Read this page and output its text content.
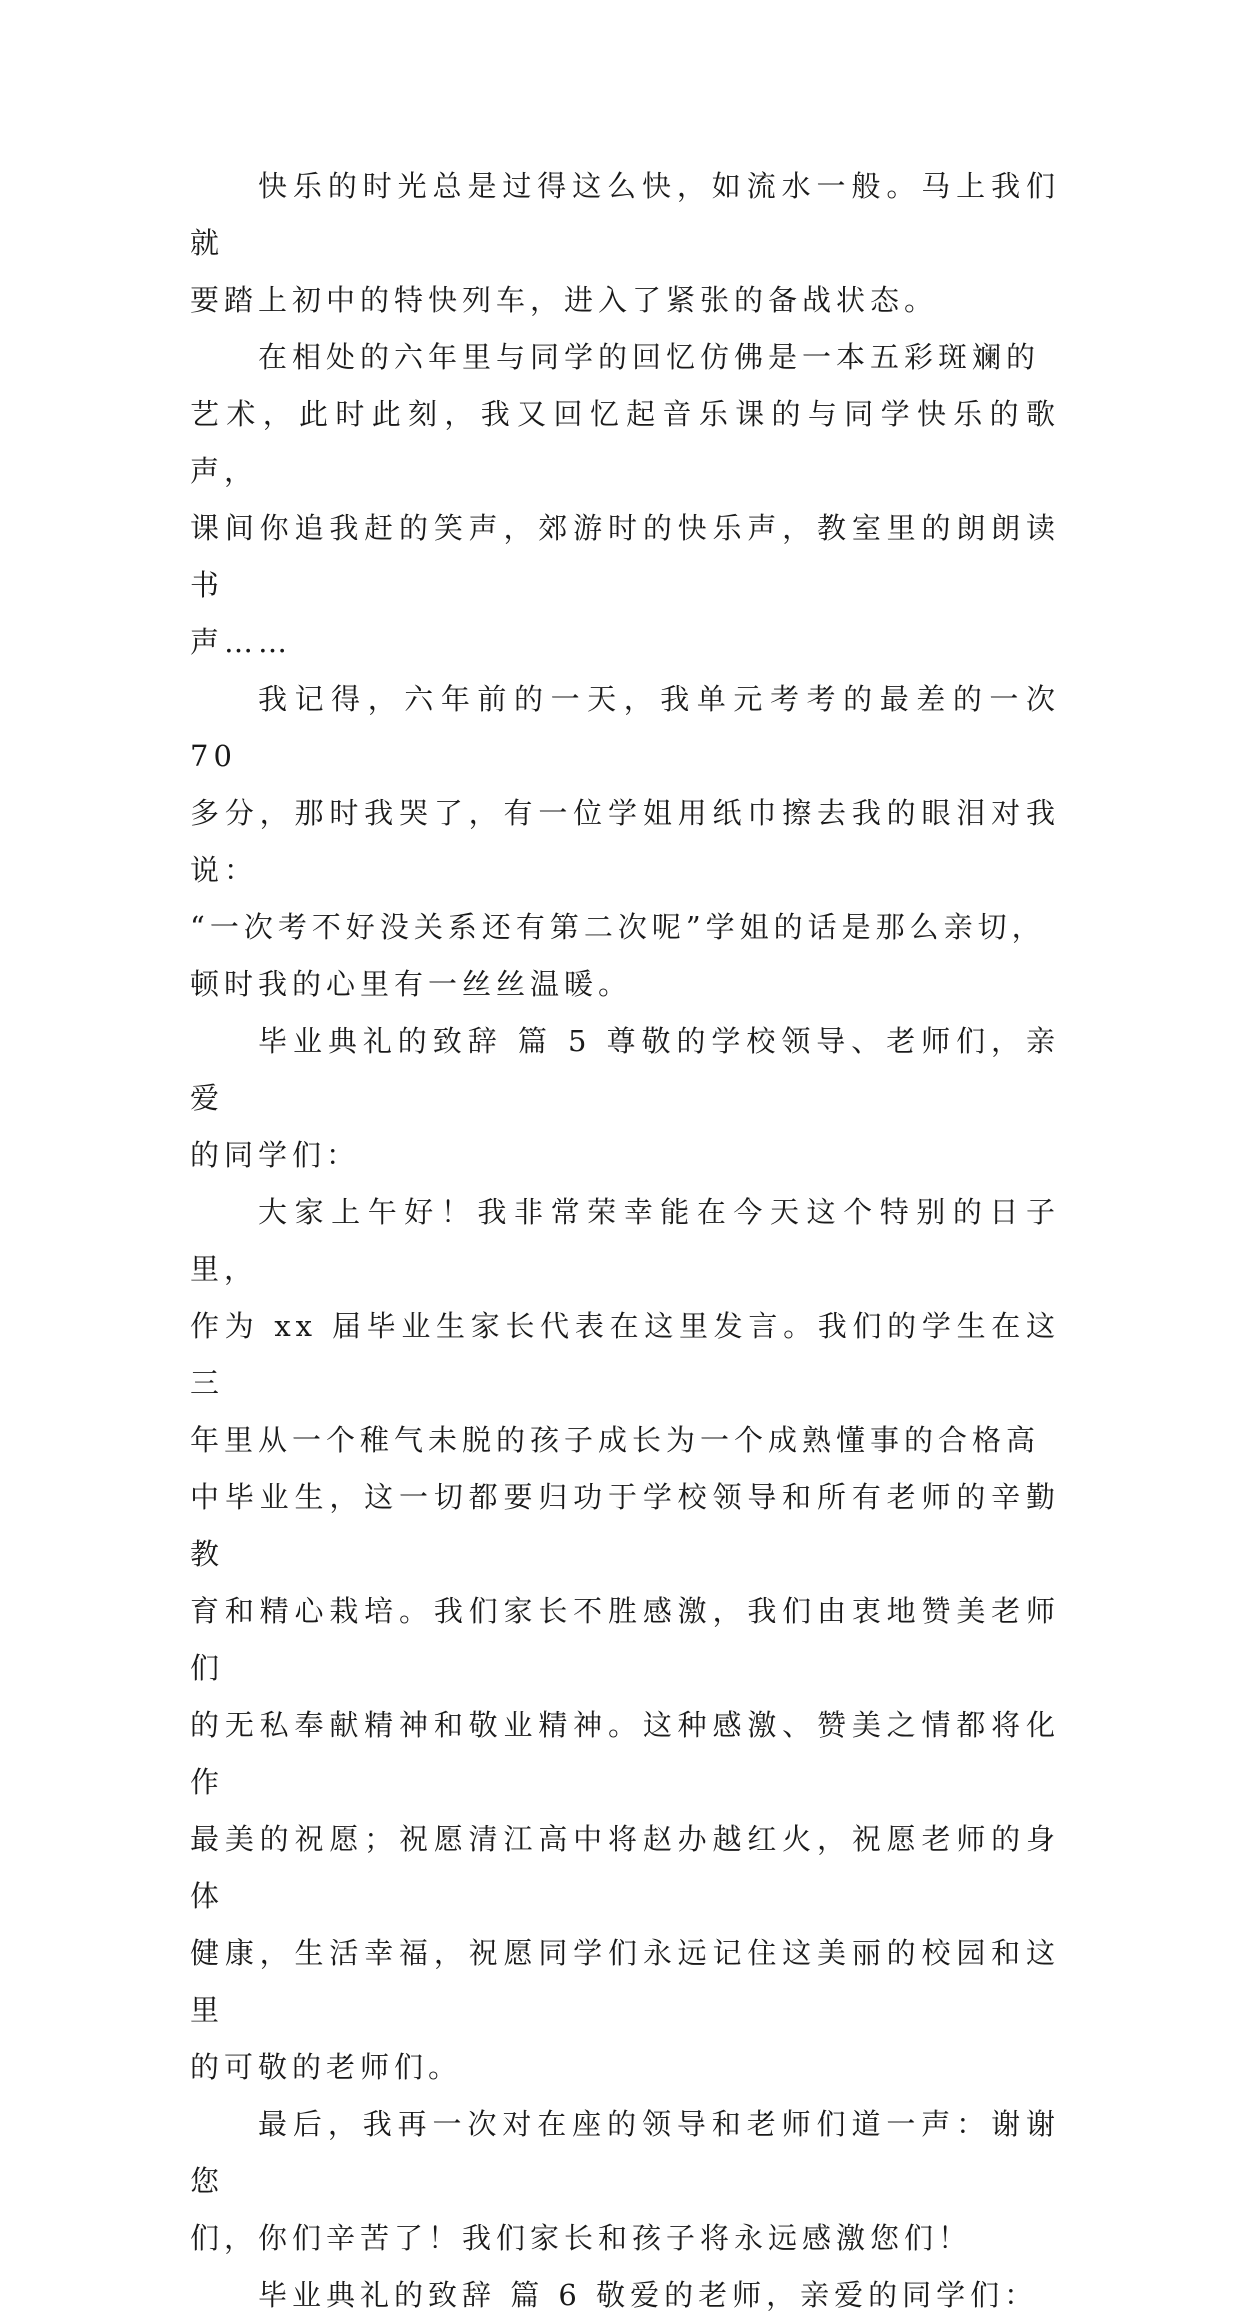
快乐的时光总是过得这么快，如流水一般。马上我们就
要踏上初中的特快列车，进入了紧张的备战状态。

在相处的六年里与同学的回忆仿佛是一本五彩斑斓的
艺术，此时此刻，我又回忆起音乐课的与同学快乐的歌声，
课间你追我赶的笑声，郊游时的快乐声，教室里的朗朗读书
声……

我记得，六年前的一天，我单元考考的最差的一次 70
多分，那时我哭了，有一位学姐用纸巾擦去我的眼泪对我说：
“一次考不好没关系还有第二次呢”学姐的话是那么亲切，
顿时我的心里有一丝丝温暖。

毕业典礼的致辞 篇 5 尊敬的学校领导、老师们，亲爱
的同学们：

大家上午好！我非常荣幸能在今天这个特别的日子里，
作为 xx 届毕业生家长代表在这里发言。我们的学生在这三
年里从一个稚气未脱的孩子成长为一个成熟懂事的合格高
中毕业生，这一切都要归功于学校领导和所有老师的辛勤教
育和精心栽培。我们家长不胜感激，我们由衷地赞美老师们
的无私奉献精神和敬业精神。这种感激、赞美之情都将化作
最美的祝愿；祝愿清江高中将赵办越红火，祝愿老师的身体
健康，生活幸福，祝愿同学们永远记住这美丽的校园和这里
的可敬的老师们。

最后，我再一次对在座的领导和老师们道一声：谢谢您
们，你们辛苦了！我们家长和孩子将永远感激您们！

毕业典礼的致辞 篇 6 敬爱的老师，亲爱的同学们：
